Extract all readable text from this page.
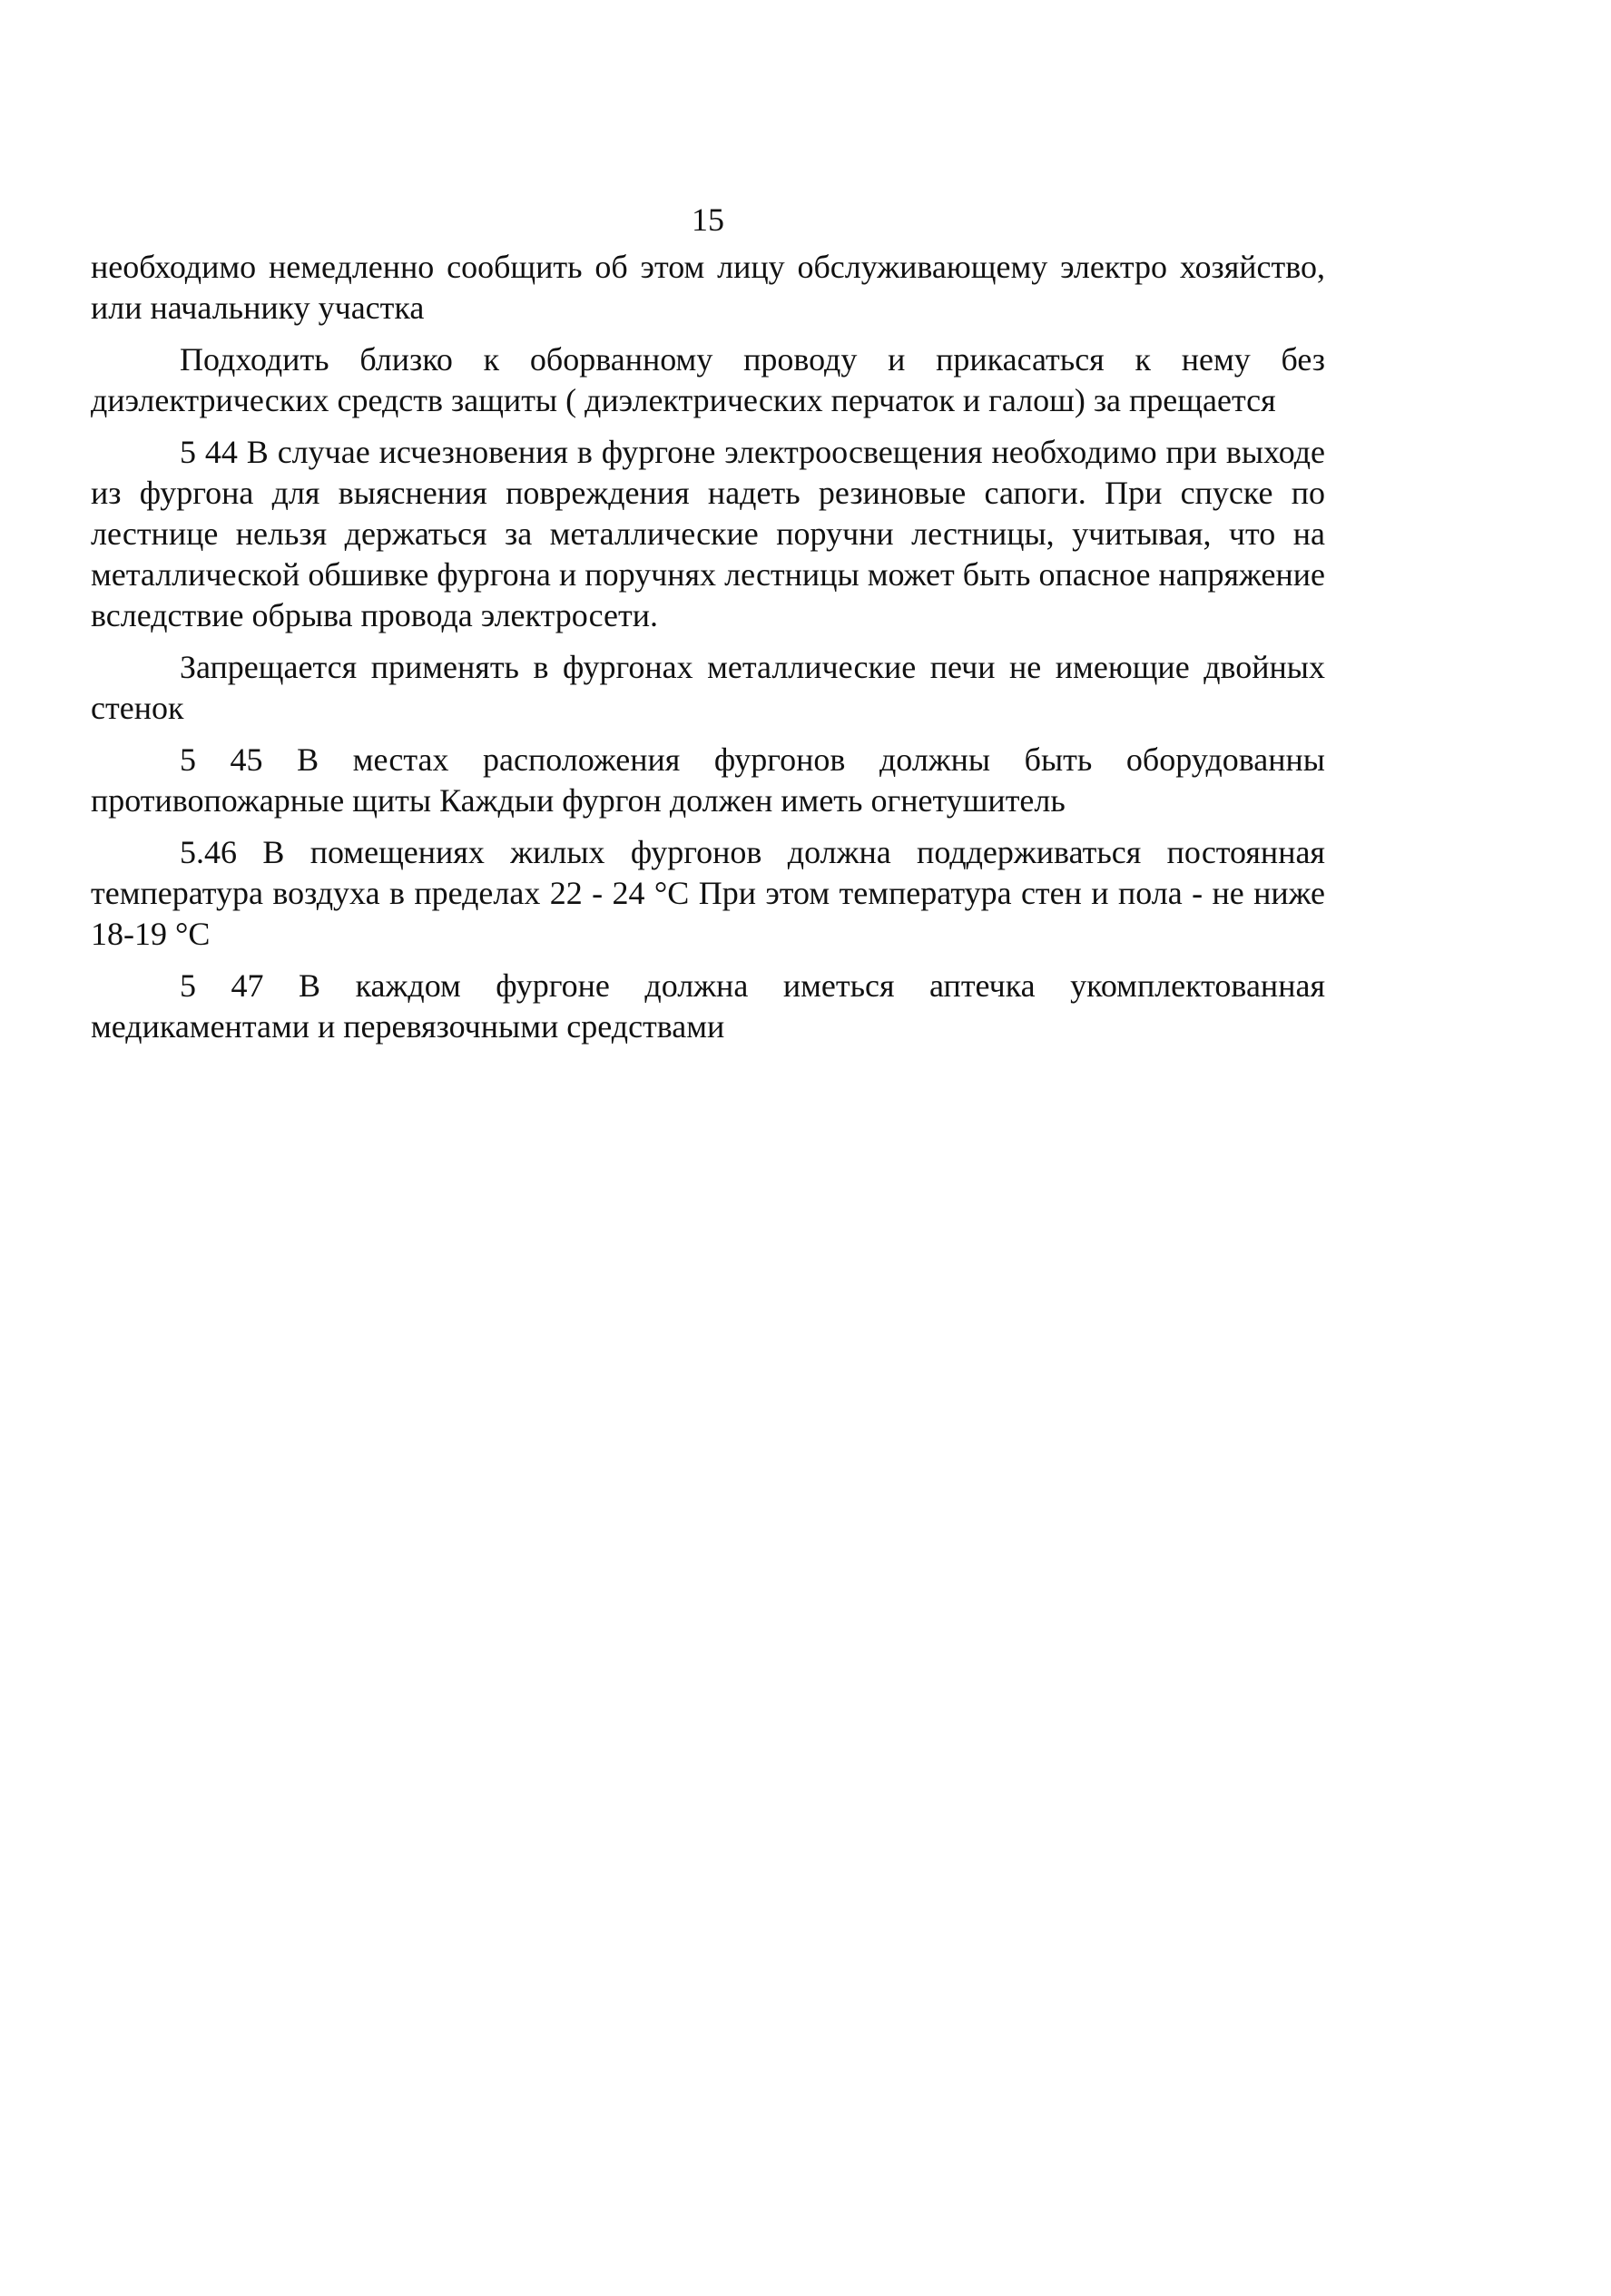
15

необходимо немедленно сообщить об этом лицу обслуживающему электро хозяйство, или начальнику участка

Подходить близко к оборванному проводу и прикасаться к нему без диэлектрических средств защиты ( диэлектрических перчаток и галош) за прещается

5 44 В случае исчезновения в фургоне электроосвещения необходимо при выходе из фургона для выяснения повреждения надеть резиновые сапоги. При спуске по лестнице нельзя держаться за металлические поручни лестницы, учитывая, что на металлической обшивке фургона и поручнях лестницы может быть опасное напряжение вследствие обрыва провода электросети.

Запрещается применять в фургонах металлические печи не имеющие двойных стенок

5 45 В местах расположения фургонов должны быть оборудованны противопожарные щиты Каждыи фургон должен иметь огнетушитель

5.46 В помещениях жилых фургонов должна поддерживаться постоянная температура воздуха в пределах 22 - 24 °С При этом температура стен и пола - не ниже 18-19 °С

5 47 В каждом фургоне должна иметься аптечка укомплектованная медикаментами и перевязочными средствами
